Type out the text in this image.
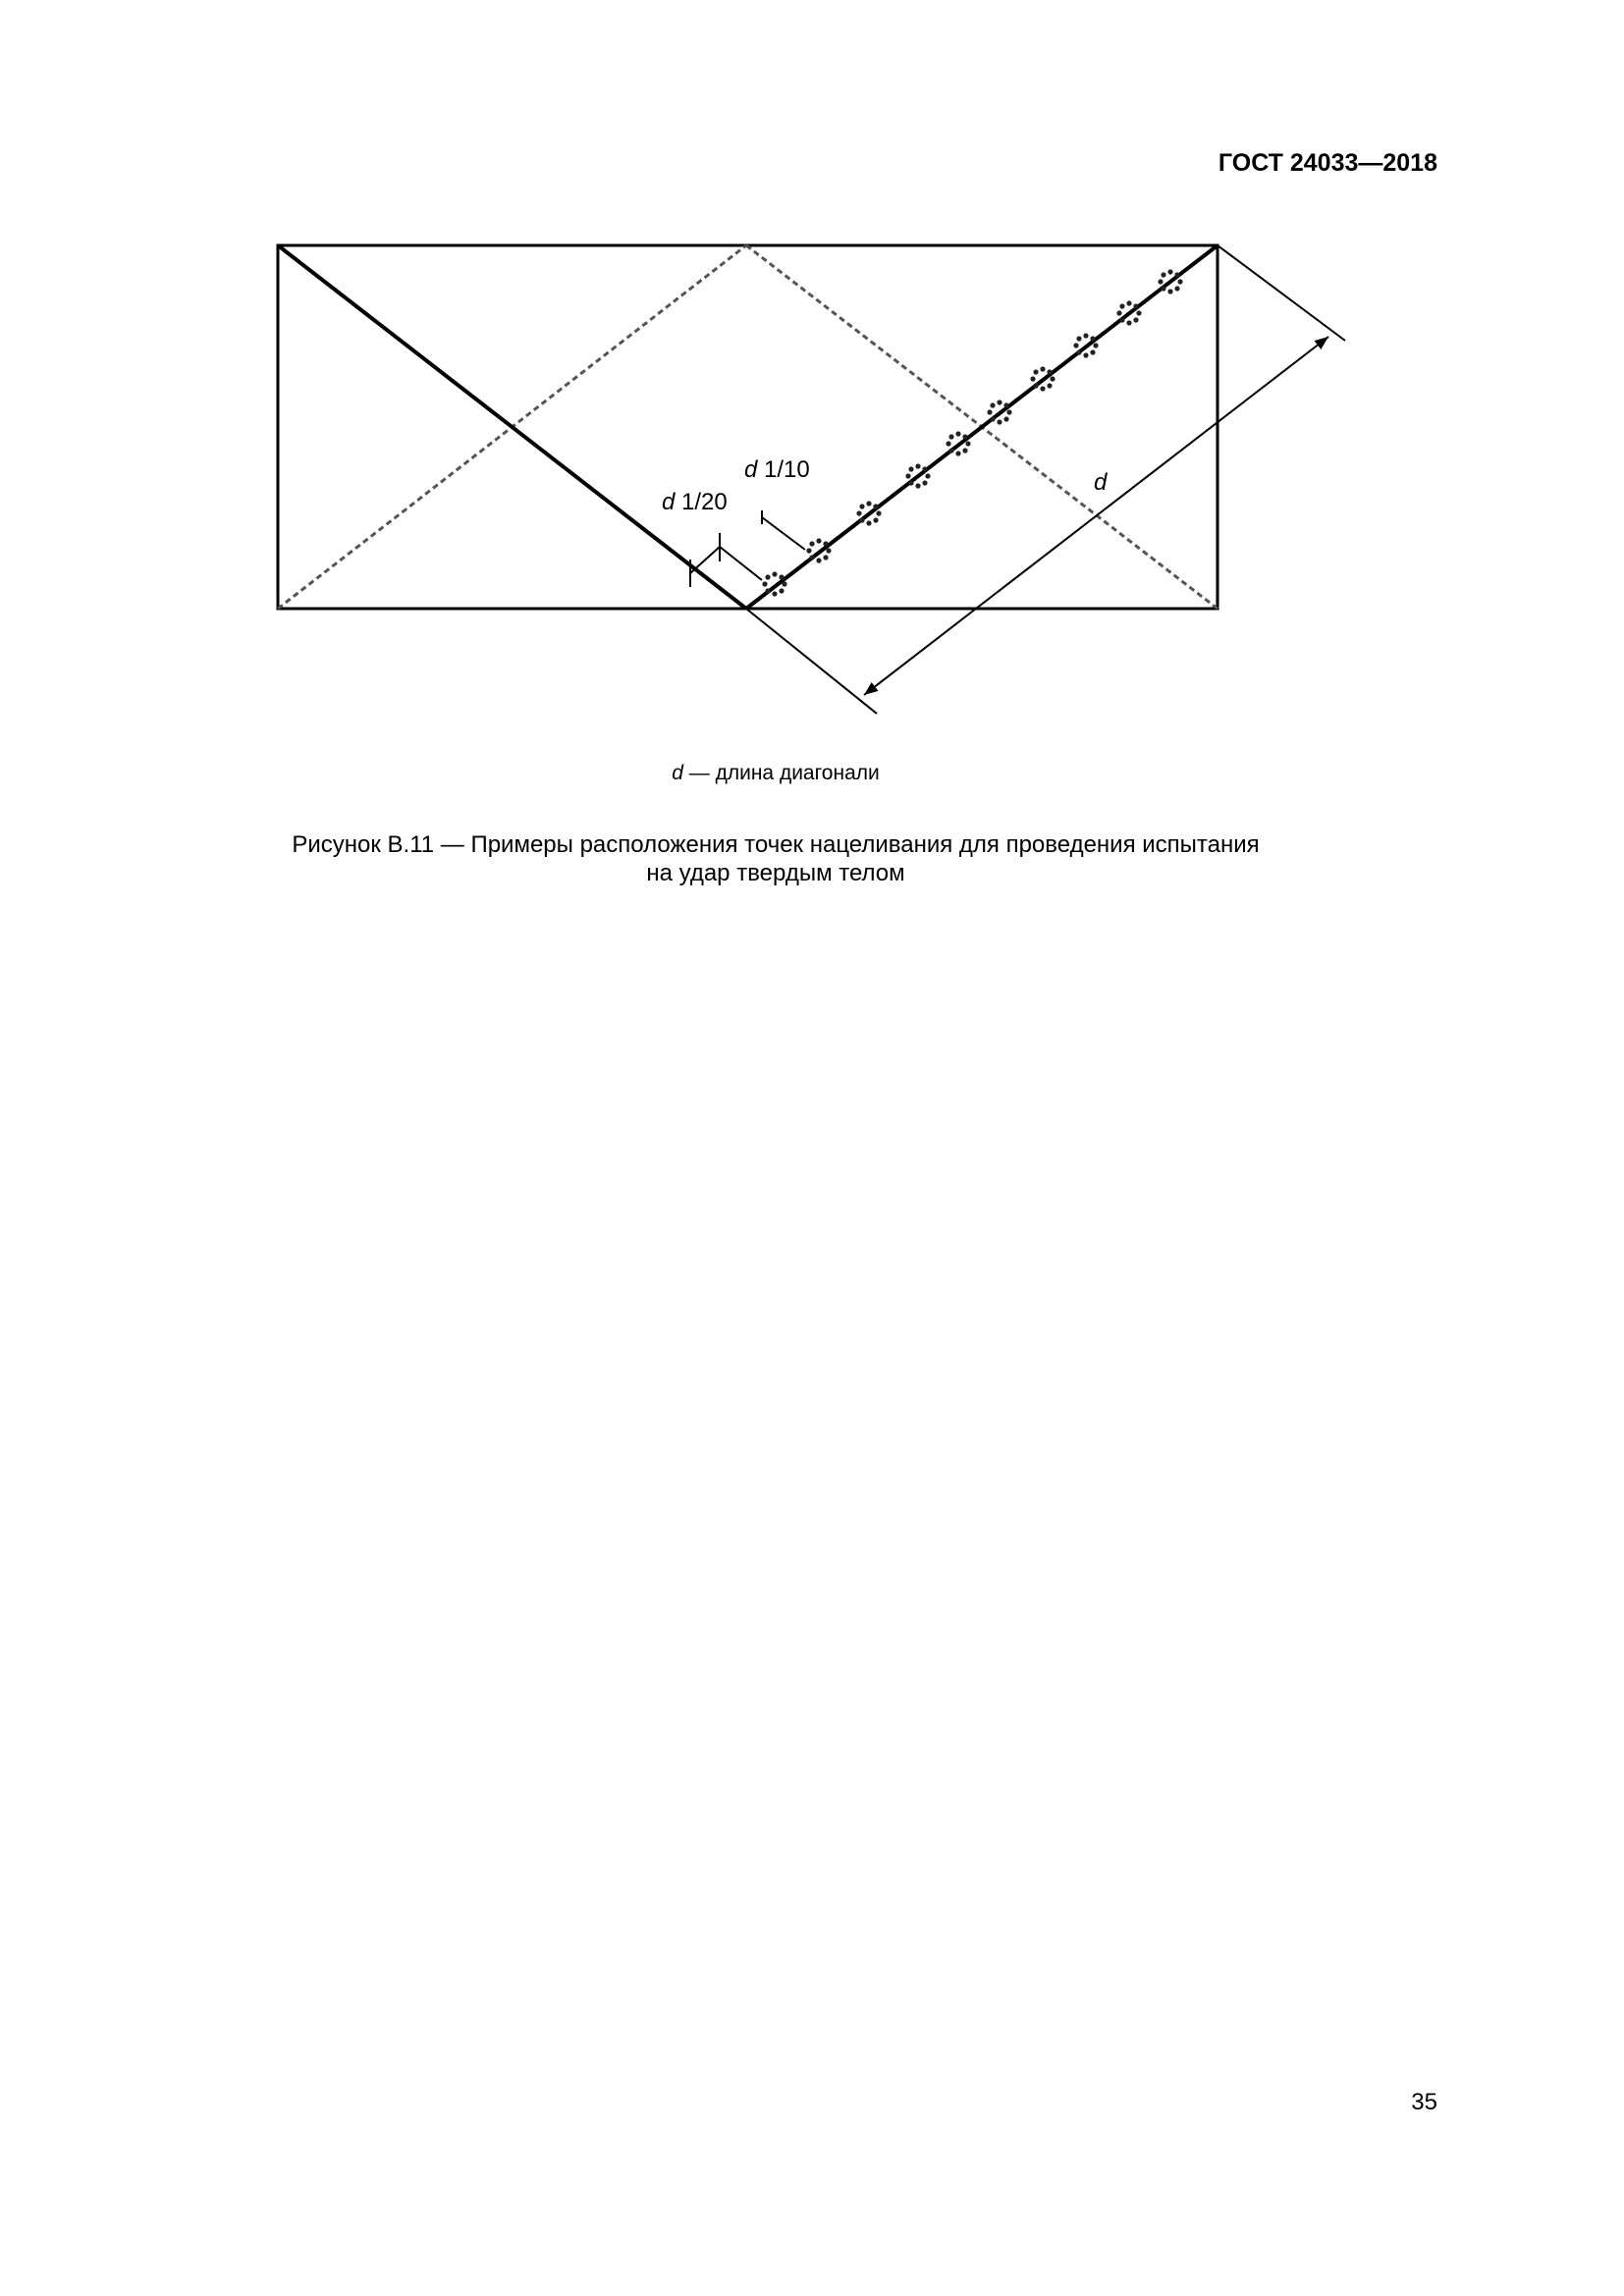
ГОСТ 24033—2018
d 1/10
d 1/20
d
d — длина диагонали
Рисунок В.11 — Примеры расположения точек нацеливания для проведения испытания
на удар твердым телом
35
